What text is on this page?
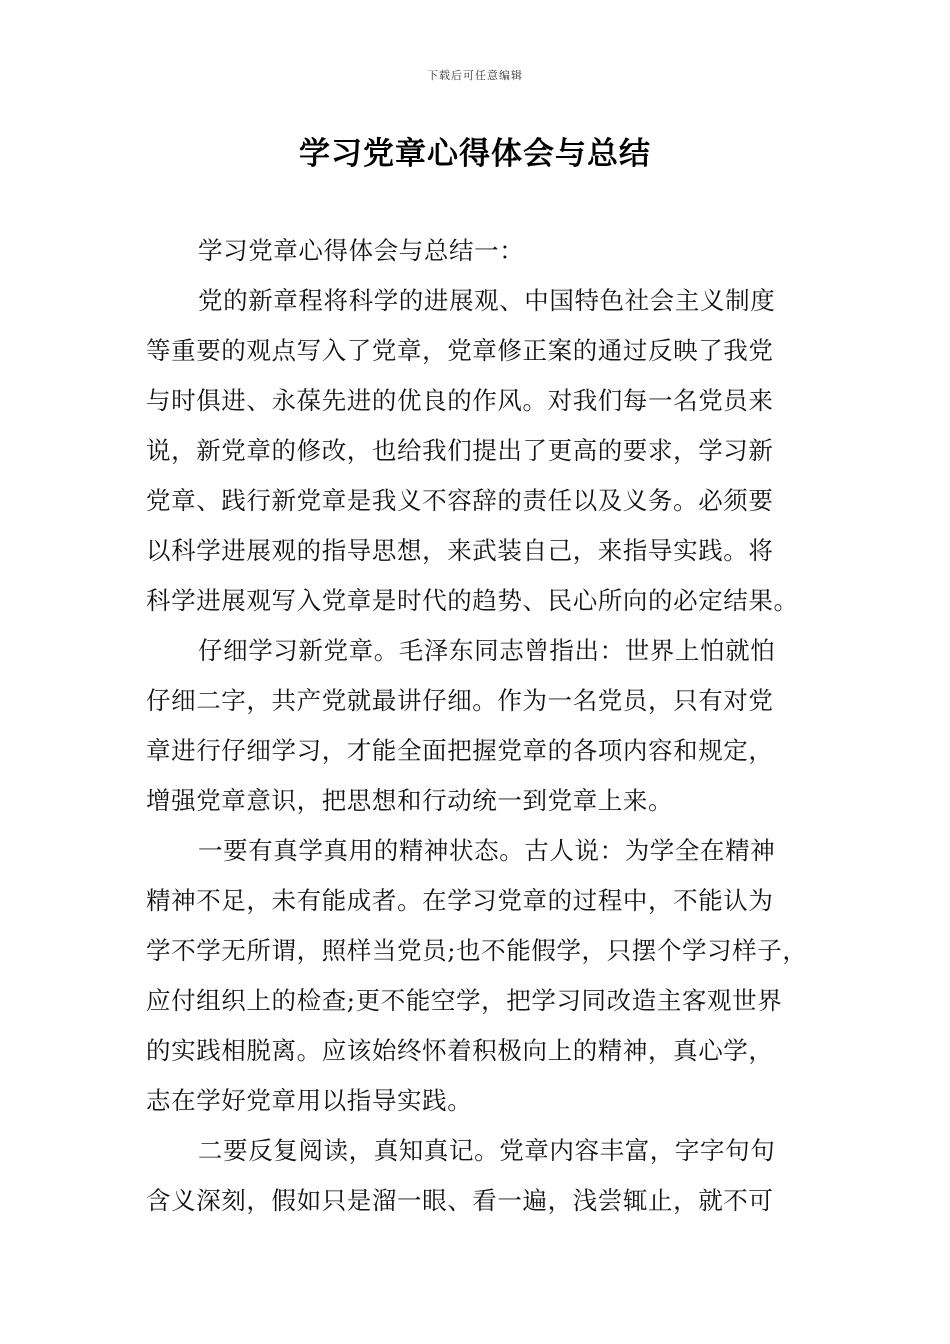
下载后可任意编辑
学习党章心得体会与总结
学习党章心得体会与总结一：
党的新章程将科学的进展观、中国特色社会主义制度
等重要的观点写入了党章，党章修正案的通过反映了我党
与时俱进、永葆先进的优良的作风。对我们每一名党员来
说，新党章的修改，也给我们提出了更高的要求，学习新
党章、践行新党章是我义不容辞的责任以及义务。必须要
以科学进展观的指导思想，来武装自己，来指导实践。将
科学进展观写入党章是时代的趋势、民心所向的必定结果。
仔细学习新党章。毛泽东同志曾指出：世界上怕就怕
仔细二字，共产党就最讲仔细。作为一名党员，只有对党
章进行仔细学习，才能全面把握党章的各项内容和规定，
增强党章意识，把思想和行动统一到党章上来。
一要有真学真用的精神状态。古人说：为学全在精神
精神不足，未有能成者。在学习党章的过程中，不能认为
学不学无所谓，照样当党员;也不能假学，只摆个学习样子，
应付组织上的检查;更不能空学，把学习同改造主客观世界
的实践相脱离。应该始终怀着积极向上的精神，真心学，
志在学好党章用以指导实践。
二要反复阅读，真知真记。党章内容丰富，字字句句
含义深刻，假如只是溜一眼、看一遍，浅尝辄止，就不可
